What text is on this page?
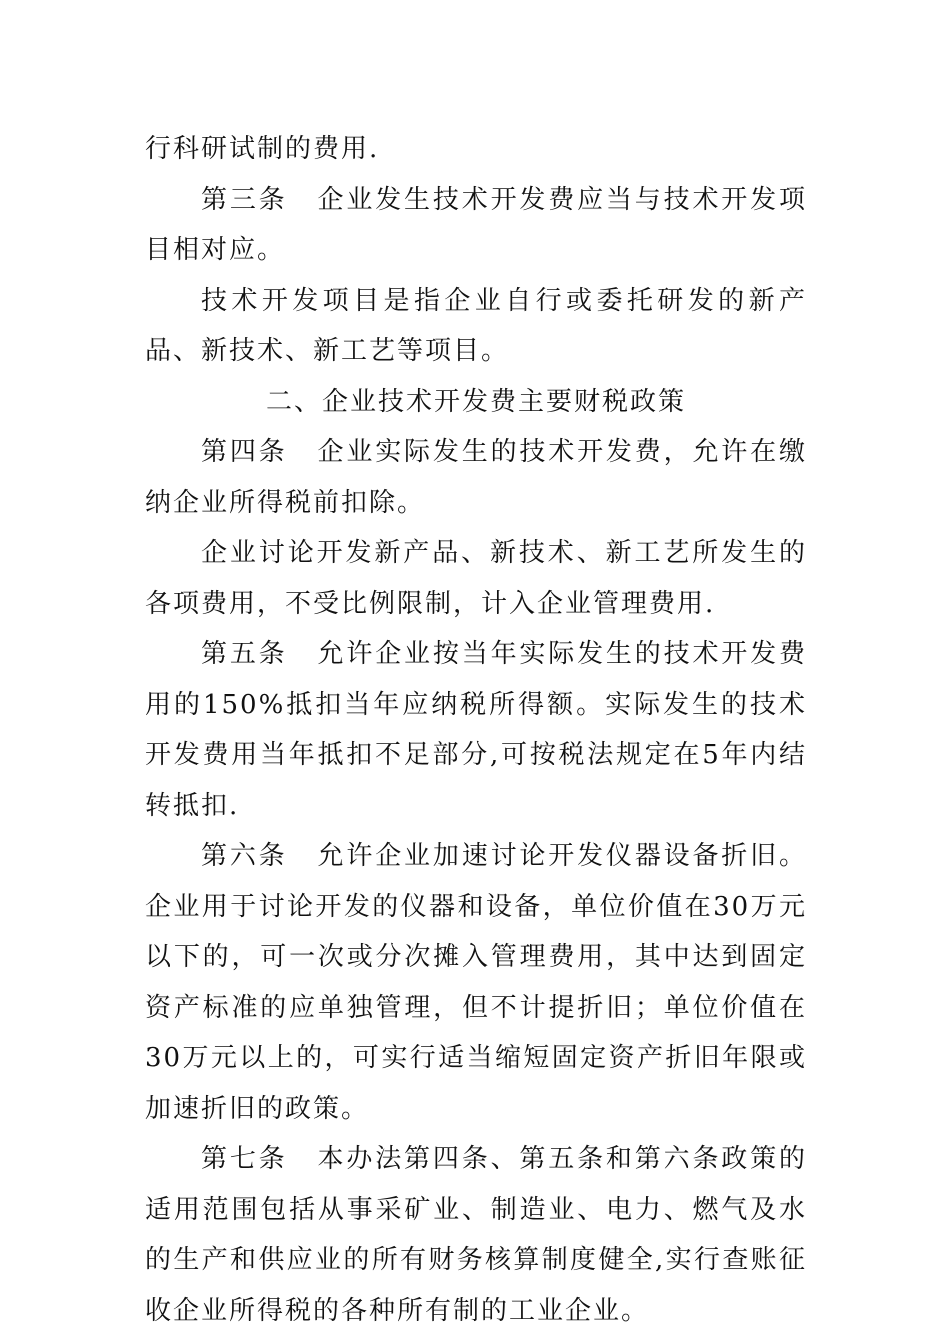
行科研试制的费用.

第三条 企业发生技术开发费应当与技术开发项目相对应。

技术开发项目是指企业自行或委托研发的新产品、新技术、新工艺等项目。

二、企业技术开发费主要财税政策

第四条 企业实际发生的技术开发费，允许在缴纳企业所得税前扣除。

企业讨论开发新产品、新技术、新工艺所发生的各项费用，不受比例限制，计入企业管理费用.

第五条 允许企业按当年实际发生的技术开发费用的150%抵扣当年应纳税所得额。实际发生的技术开发费用当年抵扣不足部分,可按税法规定在5年内结转抵扣.

第六条 允许企业加速讨论开发仪器设备折旧。企业用于讨论开发的仪器和设备，单位价值在30万元以下的，可一次或分次摊入管理费用，其中达到固定资产标准的应单独管理，但不计提折旧；单位价值在30万元以上的，可实行适当缩短固定资产折旧年限或加速折旧的政策。

第七条 本办法第四条、第五条和第六条政策的适用范围包括从事采矿业、制造业、电力、燃气及水的生产和供应业的所有财务核算制度健全,实行查账征收企业所得税的各种所有制的工业企业。
